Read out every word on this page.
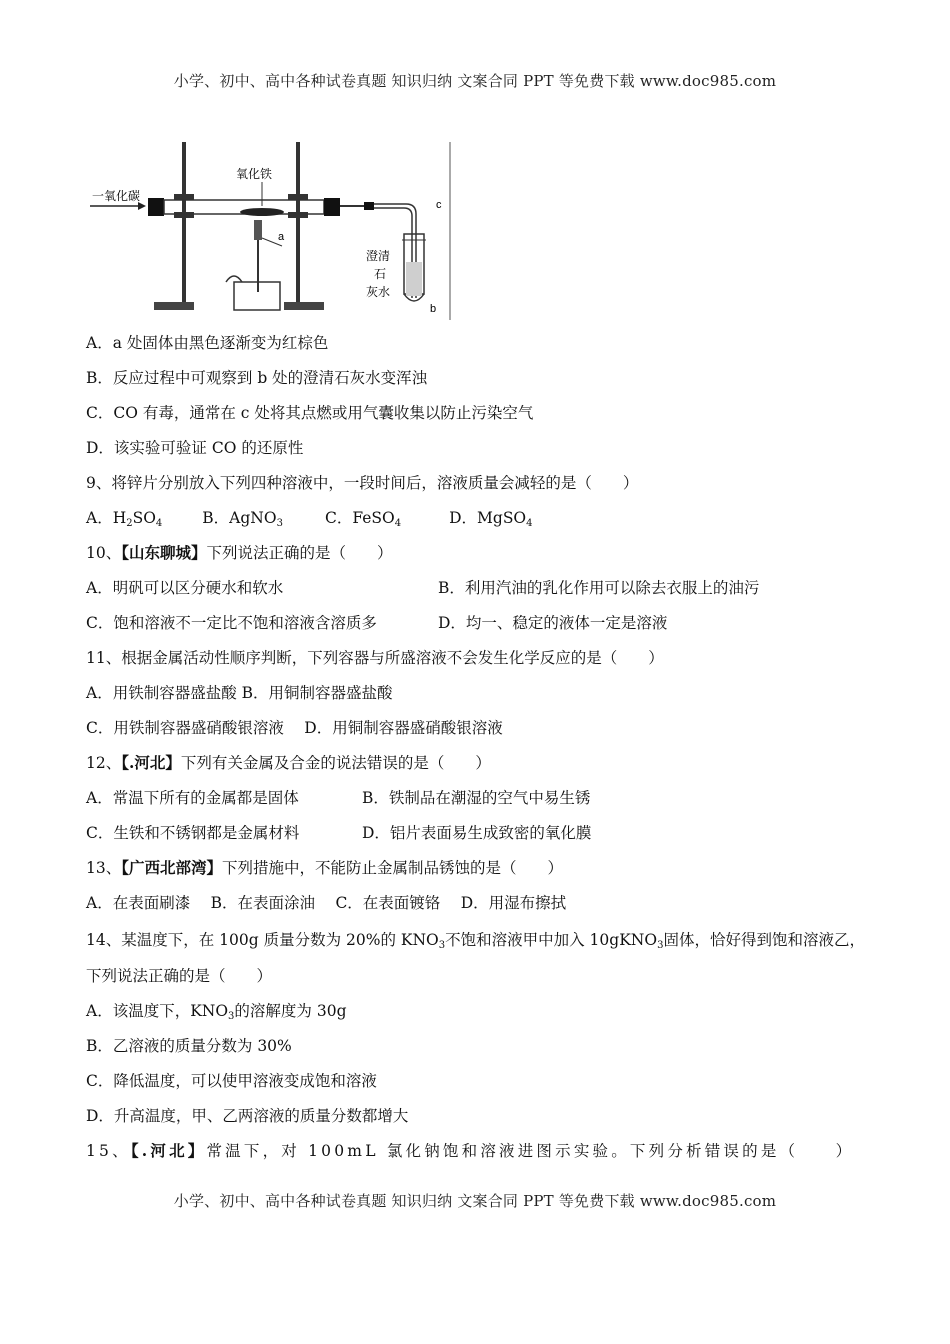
小学、初中、高中各种试卷真题 知识归纳 文案合同 PPT 等免费下载 www.doc985.com
一氧化碳
氧化铁
a
c
b
澄清
石
灰水
A．a 处固体由黑色逐渐变为红棕色
B．反应过程中可观察到 b 处的澄清石灰水变浑浊
C．CO 有毒，通常在 c 处将其点燃或用气囊收集以防止污染空气
D．该实验可验证 CO 的还原性
9、将锌片分别放入下列四种溶液中，一段时间后，溶液质量会减轻的是（　　）
A．$H_2SO_4$	B．AgNO$_3$	C．FeSO$_4$	D．MgSO$_4$
10、【山东聊城】下列说法正确的是（　　）
A．明矾可以区分硬水和软水	B．利用汽油的乳化作用可以除去衣服上的油污
C．饱和溶液不一定比不饱和溶液含溶质多	D．均一、稳定的液体一定是溶液
11、根据金属活动性顺序判断，下列容器与所盛溶液不会发生化学反应的是（　　）
A．用铁制容器盛盐酸 B．用铜制容器盛盐酸
C．用铁制容器盛硝酸银溶液　 D．用铜制容器盛硝酸银溶液
12、【.河北】下列有关金属及合金的说法错误的是（　　）
A．常温下所有的金属都是固体	B．铁制品在潮湿的空气中易生锈
C．生铁和不锈钢都是金属材料	D．铝片表面易生成致密的氧化膜
13、【广西北部湾】下列措施中，不能防止金属制品锈蚀的是（　　）
A．在表面刷漆　 B．在表面涂油　 C．在表面镀铬　 D．用湿布擦拭
14、某温度下，在 100g 质量分数为 20%的 $KNO_3$不饱和溶液甲中加入 10gKNO$_3$固体，恰好得到饱和溶液乙，
下列说法正确的是（　　）
A．该温度下，$KNO_3$的溶解度为 30g
B．乙溶液的质量分数为 30%
C．降低温度，可以使甲溶液变成饱和溶液
D．升高温度，甲、乙两溶液的质量分数都增大
15、【.河北】常温下，对 100mL 氯化钠饱和溶液进图示实验。下列分析错误的是（　　）
小学、初中、高中各种试卷真题 知识归纳 文案合同 PPT 等免费下载 www.doc985.com
